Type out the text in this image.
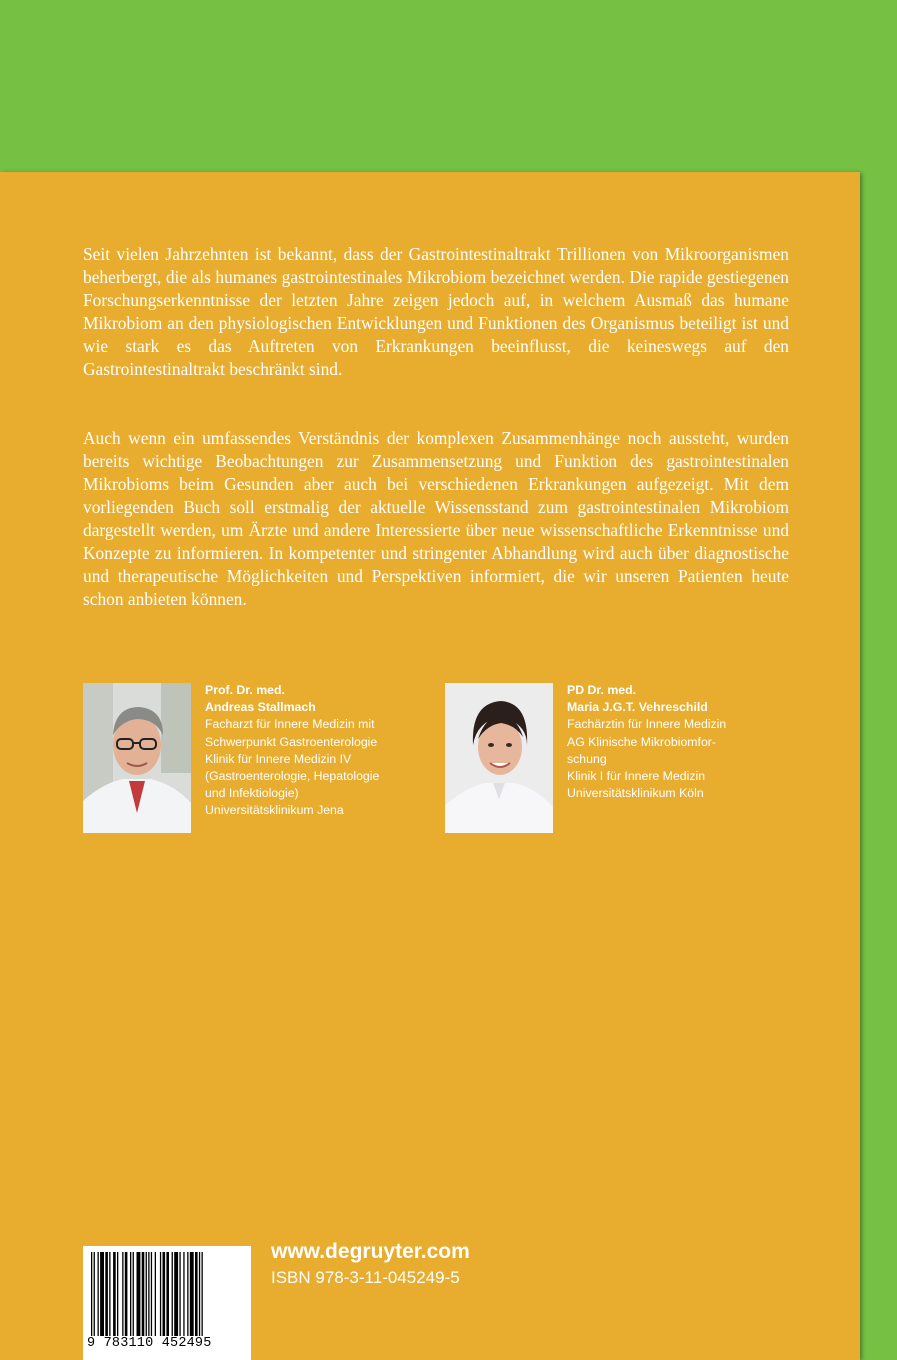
Seit vielen Jahrzehnten ist bekannt, dass der Gastrointestinaltrakt Trillionen von Mikroorganismen beherbergt, die als humanes gastrointestinales Mikrobiom bezeichnet werden. Die rapide gestiegenen Forschungserkenntnisse der letzten Jahre zeigen jedoch auf, in welchem Ausmaß das humane Mikrobiom an den physiologischen Entwicklungen und Funktionen des Organismus beteiligt ist und wie stark es das Auftreten von Erkrankungen beeinflusst, die keineswegs auf den Gastrointestinaltrakt beschränkt sind.

Auch wenn ein umfassendes Verständnis der komplexen Zusammenhänge noch aussteht, wurden bereits wichtige Beobachtungen zur Zusammensetzung und Funktion des gastrointestinalen Mikrobioms beim Gesunden aber auch bei verschiedenen Erkrankungen aufgezeigt. Mit dem vorliegenden Buch soll erstmalig der aktuelle Wissensstand zum gastrointestinalen Mikrobiom dargestellt werden, um Ärzte und andere Interessierte über neue wissenschaftliche Erkenntnisse und Konzepte zu informieren. In kompetenter und stringenter Abhandlung wird auch über diagnostische und therapeutische Möglichkeiten und Perspektiven informiert, die wir unseren Patienten heute schon anbieten können.

Prof. Dr. med.
Andreas Stallmach
Facharzt für Innere Medizin mit
Schwerpunkt Gastroenterologie
Klinik für Innere Medizin IV
(Gastroenterologie, Hepatologie
und Infektiologie)
Universitätsklinikum Jena
PD Dr. med.
Maria J.G.T. Vehreschild
Fachärztin für Innere Medizin
AG Klinische Mikrobiomfor-
schung
Klinik I für Innere Medizin
Universitätsklinikum Köln
9 783110 452495
www.degruyter.com
ISBN 978-3-11-045249-5
